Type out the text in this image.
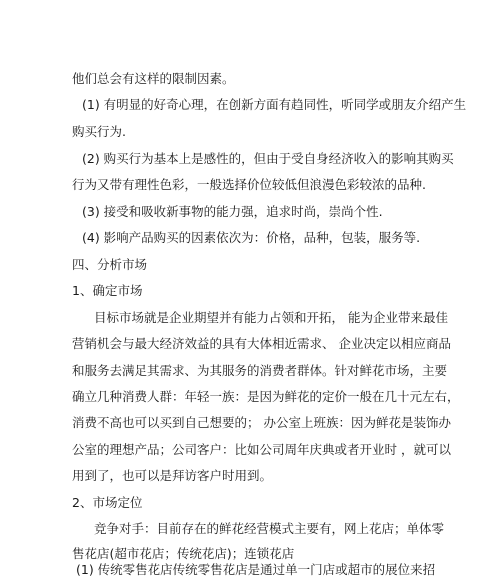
他们总会有这样的限制因素。
(1) 有明显的好奇心理，在创新方面有趋同性，听同学或朋友介绍产生
购买行为.
(2) 购买行为基本上是感性的，但由于受自身经济收入的影响其购买
行为又带有理性色彩，一般选择价位较低但浪漫色彩较浓的品种.
(3) 接受和吸收新事物的能力强，追求时尚，崇尚个性.
(4) 影响产品购买的因素依次为：价格，品种，包装，服务等.
四、分析市场
1、确定市场
目标市场就是企业期望并有能力占领和开拓， 能为企业带来最佳
营销机会与最大经济效益的具有大体相近需求、 企业决定以相应商品
和服务去满足其需求、为其服务的消费者群体。针对鲜花市场，主要
确立几种消费人群：年轻一族：是因为鲜花的定价一般在几十元左右，
消费不高也可以买到自己想要的； 办公室上班族：因为鲜花是装饰办
公室的理想产品；公司客户：比如公司周年庆典或者开业时 ，就可以
用到了，也可以是拜访客户时用到。
2、市场定位
竞争对手：目前存在的鲜花经营模式主要有，网上花店；单体零
售花店(超市花店；传统花店)；连锁花店
(1) 传统零售花店传统零售花店是通过单一门店或超市的展位来招
